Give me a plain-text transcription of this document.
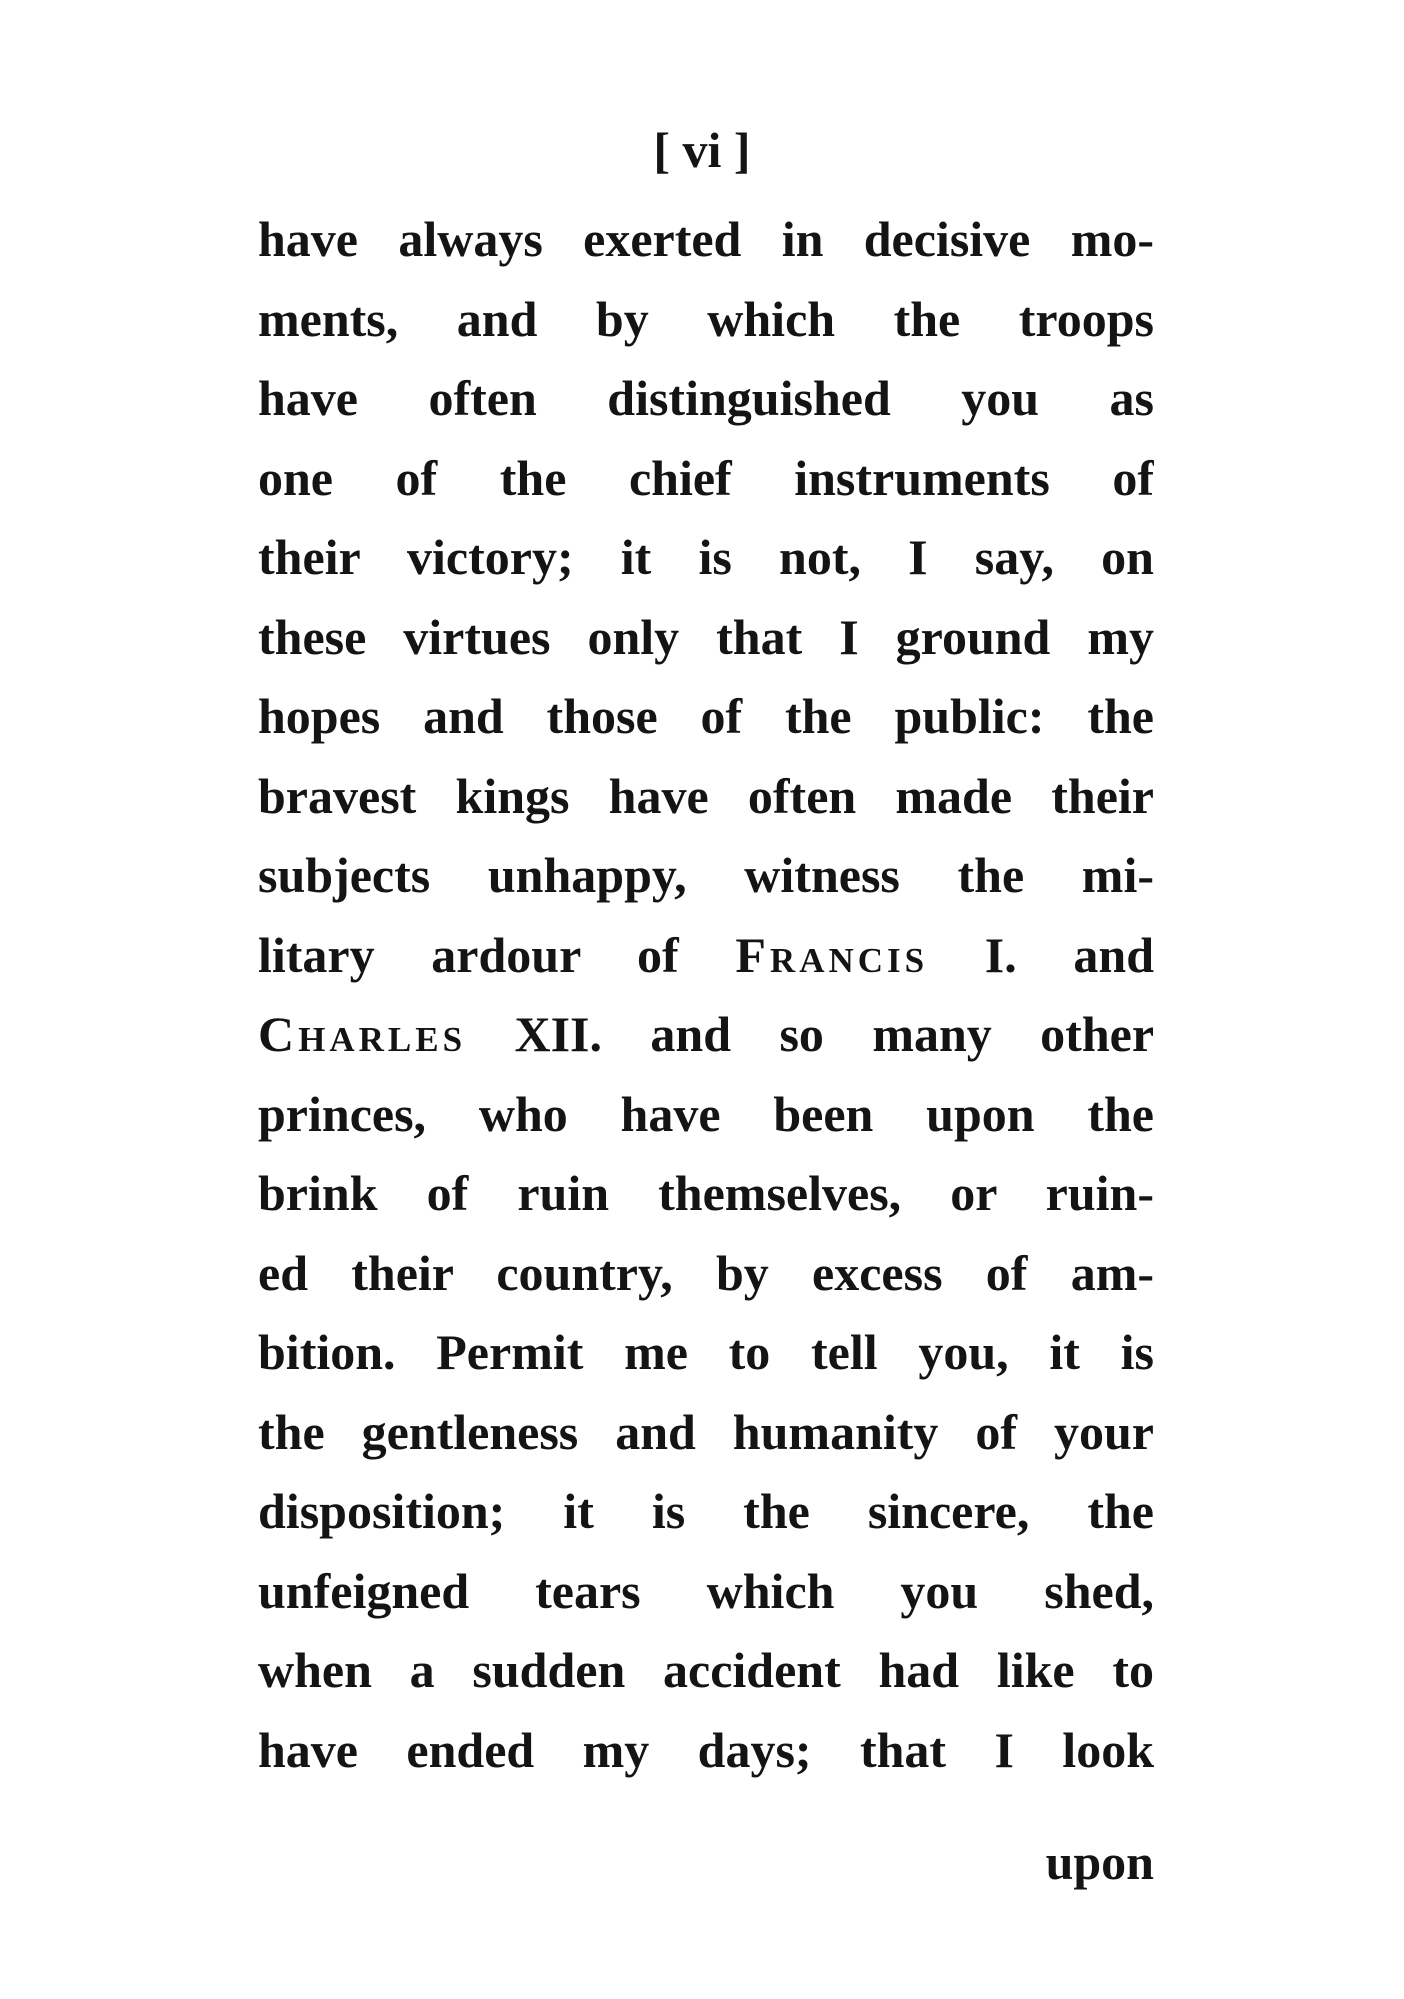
[ vi ]
have always exerted in decisive mo-
ments, and by which the troops
have often distinguished you as
one of the chief instruments of
their victory; it is not, I say, on
these virtues only that I ground my
hopes and those of the public: the
bravest kings have often made their
subjects unhappy, witness the mi-
litary ardour of Francis I. and
Charles XII. and so many other
princes, who have been upon the
brink of ruin themselves, or ruin-
ed their country, by excess of am-
bition. Permit me to tell you, it is
the gentleness and humanity of your
disposition; it is the sincere, the
unfeigned tears which you shed,
when a sudden accident had like to
have ended my days; that I look
upon
